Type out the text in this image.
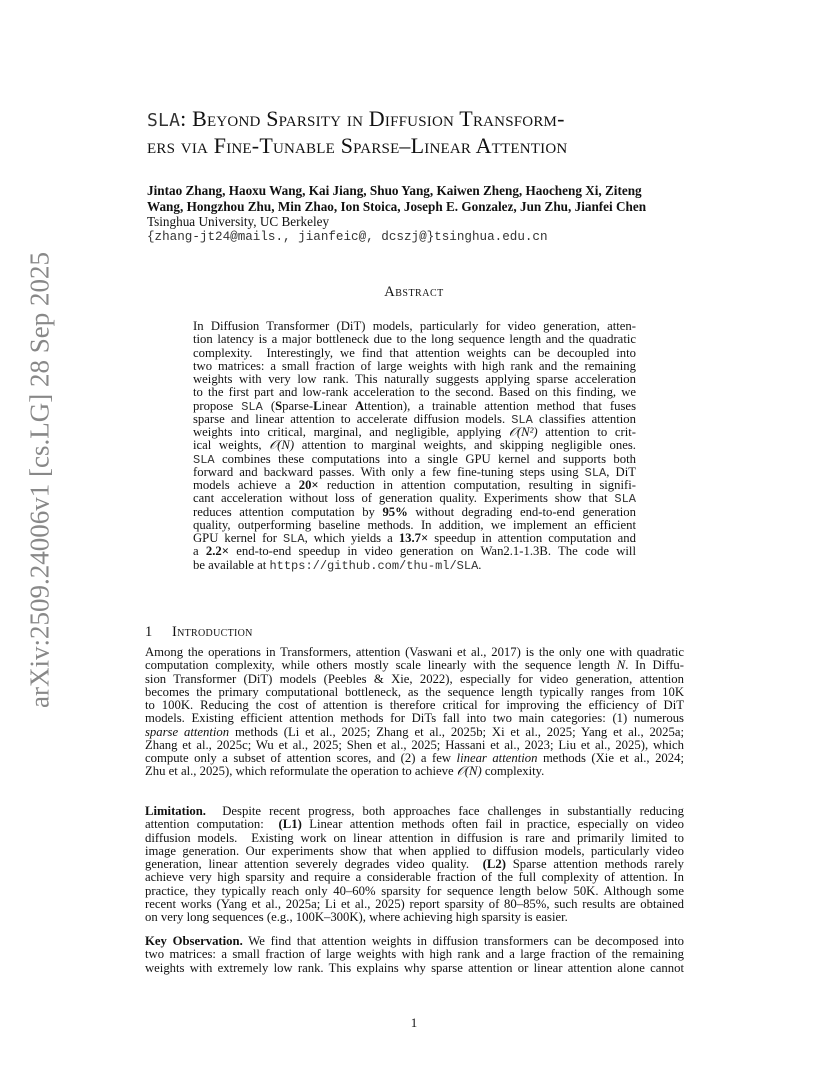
arXiv:2509.24006v1 [cs.LG] 28 Sep 2025
SLA: Beyond Sparsity in Diffusion Transform-
ers via Fine-Tunable Sparse–Linear Attention
Jintao Zhang, Haoxu Wang, Kai Jiang, Shuo Yang, Kaiwen Zheng, Haocheng Xi, Ziteng
Wang, Hongzhou Zhu, Min Zhao, Ion Stoica, Joseph E. Gonzalez, Jun Zhu, Jianfei Chen
Tsinghua University, UC Berkeley
{zhang-jt24@mails., jianfeic@, dcszj@}tsinghua.edu.cn
Abstract
In Diffusion Transformer (DiT) models, particularly for video generation, atten-
tion latency is a major bottleneck due to the long sequence length and the quadratic
complexity.  Interestingly, we find that attention weights can be decoupled into
two matrices: a small fraction of large weights with high rank and the remaining
weights with very low rank. This naturally suggests applying sparse acceleration
to the first part and low-rank acceleration to the second. Based on this finding, we
propose SLA (Sparse-Linear Attention), a trainable attention method that fuses
sparse and linear attention to accelerate diffusion models. SLA classifies attention
weights into critical, marginal, and negligible, applying 𝒪(N²) attention to crit-
ical weights, 𝒪(N) attention to marginal weights, and skipping negligible ones.
SLA combines these computations into a single GPU kernel and supports both
forward and backward passes. With only a few fine-tuning steps using SLA, DiT
models achieve a 20× reduction in attention computation, resulting in signifi-
cant acceleration without loss of generation quality. Experiments show that SLA
reduces attention computation by 95% without degrading end-to-end generation
quality, outperforming baseline methods. In addition, we implement an efficient
GPU kernel for SLA, which yields a 13.7× speedup in attention computation and
a 2.2× end-to-end speedup in video generation on Wan2.1-1.3B. The code will
be available at https://github.com/thu-ml/SLA.
1 Introduction
Among the operations in Transformers, attention (Vaswani et al., 2017) is the only one with quadratic
computation complexity, while others mostly scale linearly with the sequence length N. In Diffu-
sion Transformer (DiT) models (Peebles & Xie, 2022), especially for video generation, attention
becomes the primary computational bottleneck, as the sequence length typically ranges from 10K
to 100K. Reducing the cost of attention is therefore critical for improving the efficiency of DiT
models. Existing efficient attention methods for DiTs fall into two main categories: (1) numerous
sparse attention methods (Li et al., 2025; Zhang et al., 2025b; Xi et al., 2025; Yang et al., 2025a;
Zhang et al., 2025c; Wu et al., 2025; Shen et al., 2025; Hassani et al., 2023; Liu et al., 2025), which
compute only a subset of attention scores, and (2) a few linear attention methods (Xie et al., 2024;
Zhu et al., 2025), which reformulate the operation to achieve 𝒪(N) complexity.
Limitation.  Despite recent progress, both approaches face challenges in substantially reducing
attention computation:  (L1) Linear attention methods often fail in practice, especially on video
diffusion models.  Existing work on linear attention in diffusion is rare and primarily limited to
image generation. Our experiments show that when applied to diffusion models, particularly video
generation, linear attention severely degrades video quality.  (L2) Sparse attention methods rarely
achieve very high sparsity and require a considerable fraction of the full complexity of attention. In
practice, they typically reach only 40–60% sparsity for sequence length below 50K. Although some
recent works (Yang et al., 2025a; Li et al., 2025) report sparsity of 80–85%, such results are obtained
on very long sequences (e.g., 100K–300K), where achieving high sparsity is easier.
Key Observation. We find that attention weights in diffusion transformers can be decomposed into
two matrices: a small fraction of large weights with high rank and a large fraction of the remaining
weights with extremely low rank. This explains why sparse attention or linear attention alone cannot
1
